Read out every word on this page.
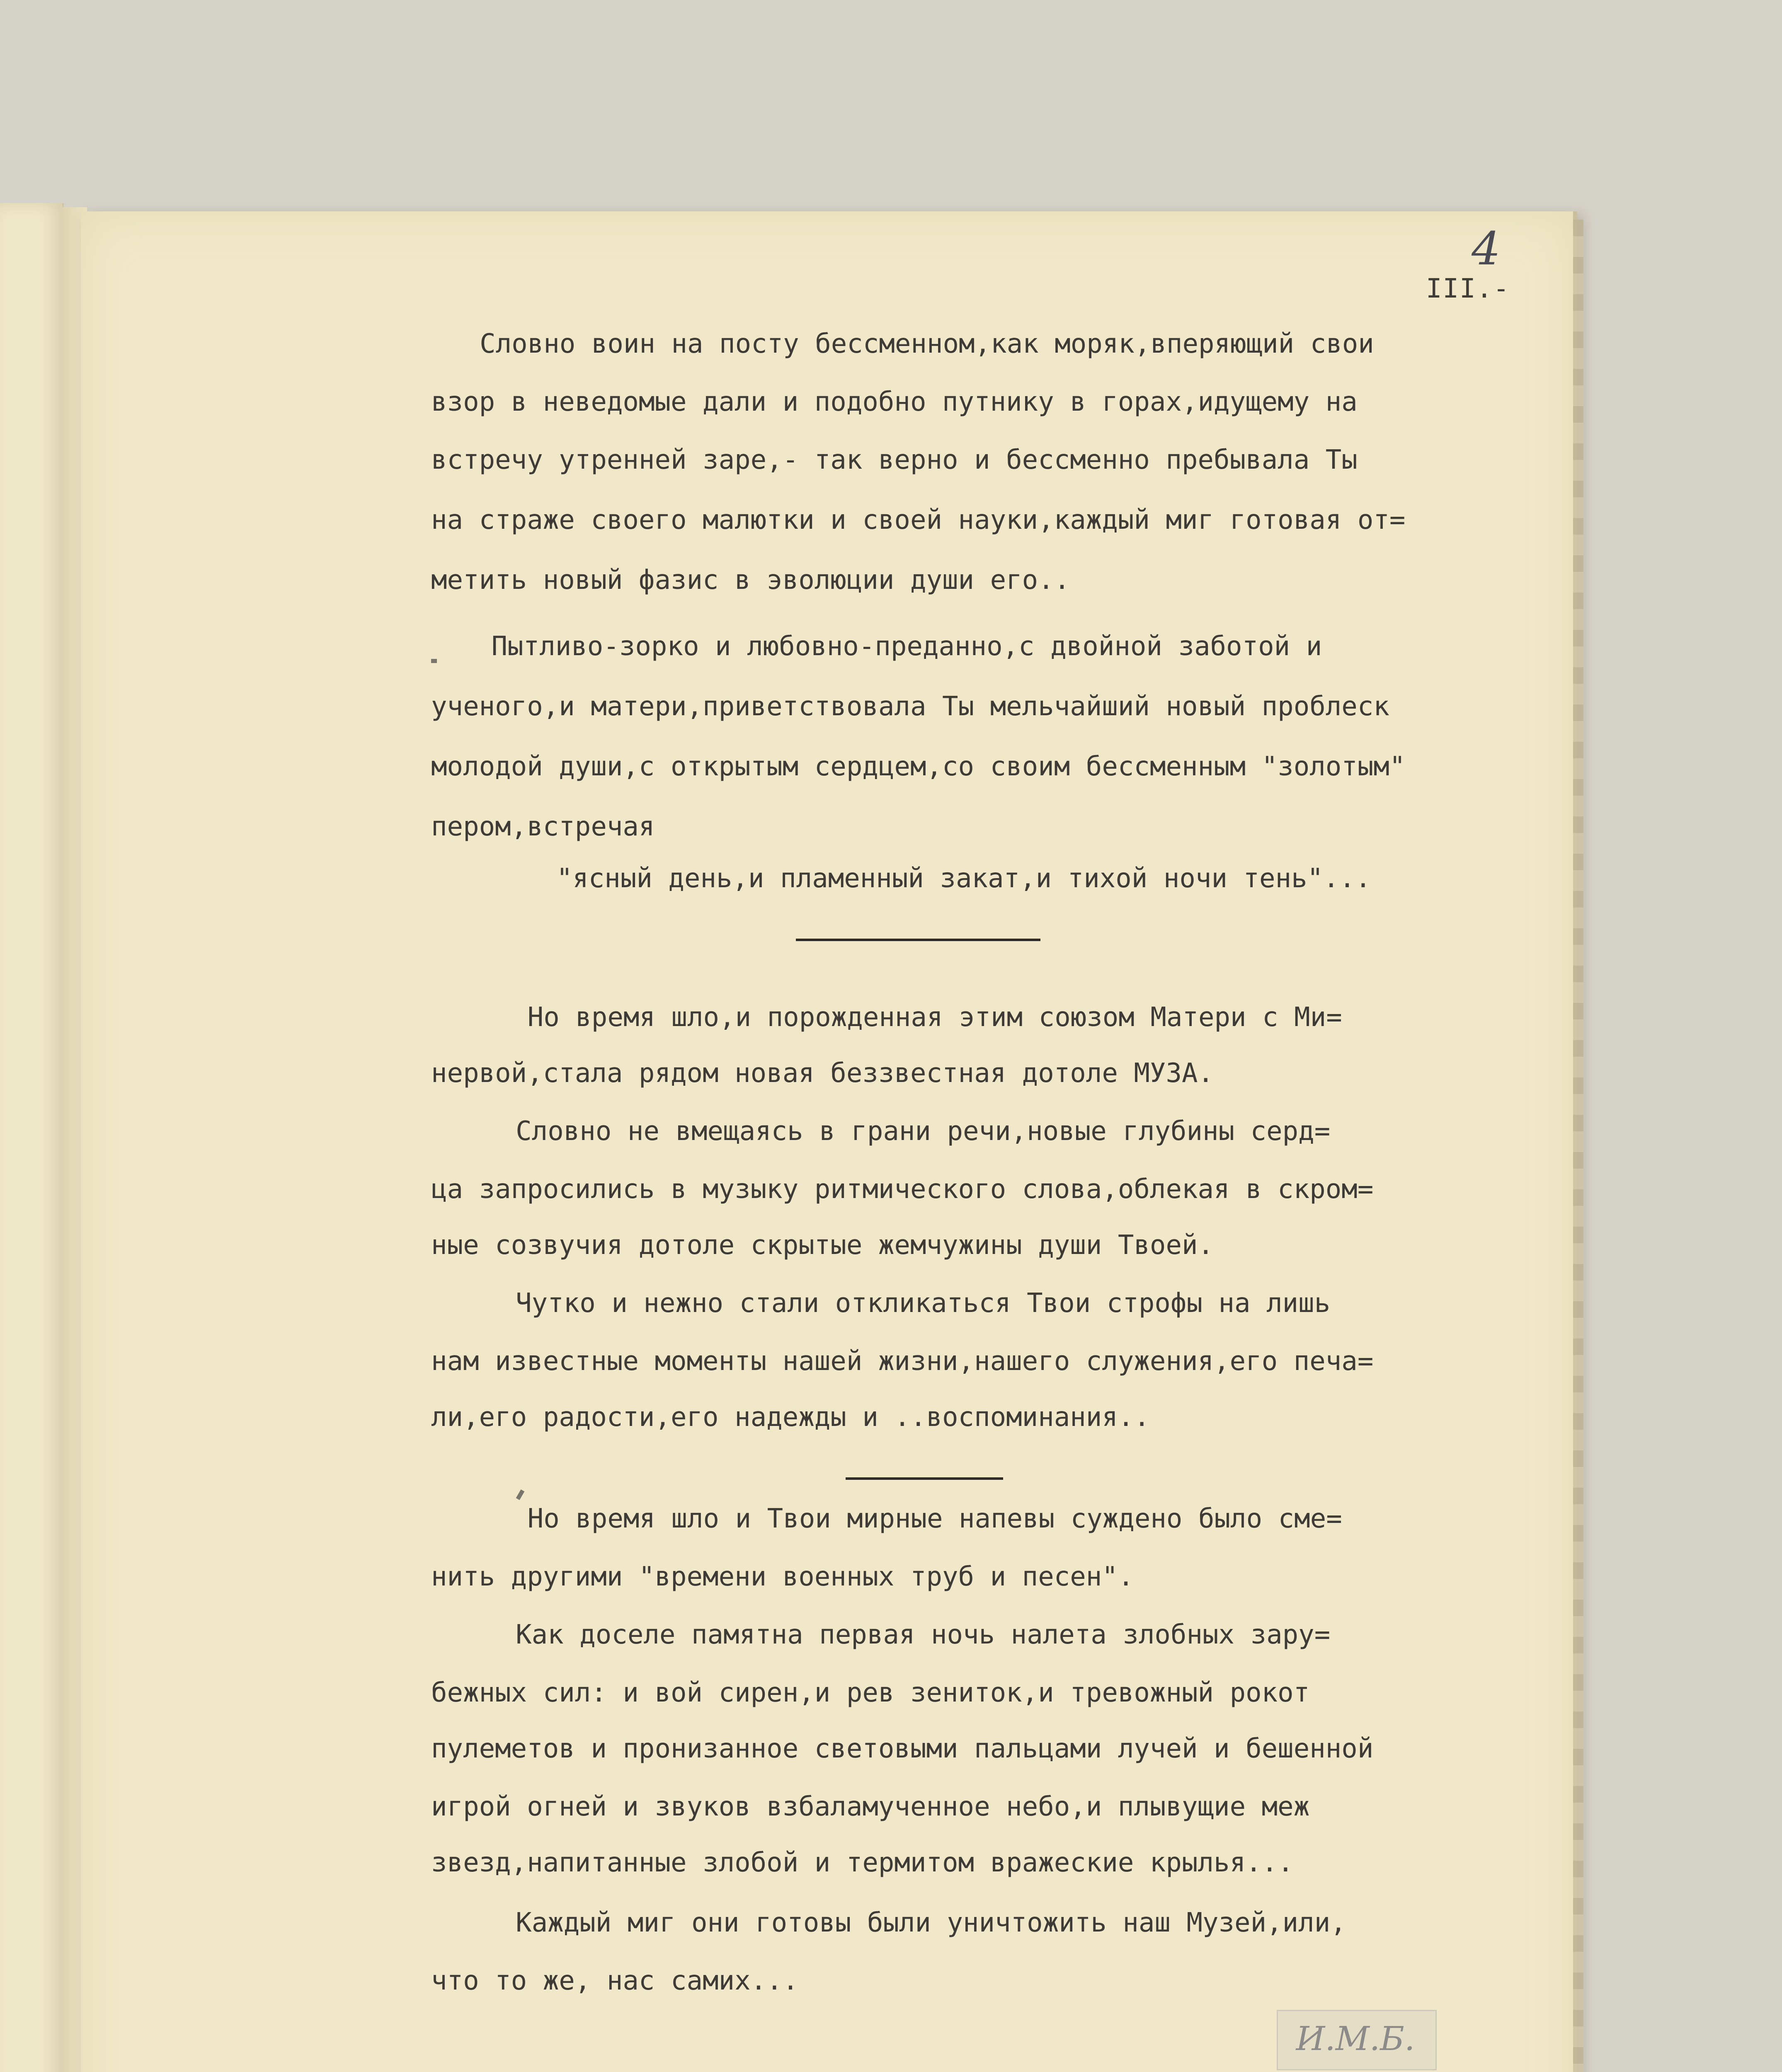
4
III.-
Словно воин на посту бессменном,как моряк,вперяющий свои
взор в неведомые дали и подобно путнику в горах,идущему на
встречу утренней заре,- так верно и бессменно пребывала Ты
на страже своего малютки и своей науки,каждый миг готовая от=
метить новый фазис в эволюции души его..
Пытливо-зорко и любовно-преданно,с двойной заботой и
ученого,и матери,приветствовала Ты мельчайший новый проблеск
молодой души,с открытым сердцем,со своим бессменным "золотым"
пером,встречая
"ясный день,и пламенный закат,и тихой ночи тень"...
Но время шло,и порожденная этим союзом Матери с Ми=
нервой,стала рядом новая беззвестная дотоле МУЗА.
Словно не вмещаясь в грани речи,новые глубины серд=
ца запросились в музыку ритмического слова,облекая в скром=
ные созвучия дотоле скрытые жемчужины души Твоей.
Чутко и нежно стали откликаться Твои строфы на лишь
нам известные моменты нашей жизни,нашего служения,его печа=
ли,его радости,его надежды и ..воспоминания..
Но время шло и Твои мирные напевы суждено было сме=
нить другими "времени военных труб и песен".
Как доселе памятна первая ночь налета злобных зару=
бежных сил: и вой сирен,и рев зениток,и тревожный рокот
пулеметов и пронизанное световыми пальцами лучей и бешенной
игрой огней и звуков взбаламученное небо,и плывущие меж
звезд,напитанные злобой и термитом вражеские крылья...
Каждый миг они готовы были уничтожить наш Музей,или,
что то же, нас самих...
И.М.Б.
